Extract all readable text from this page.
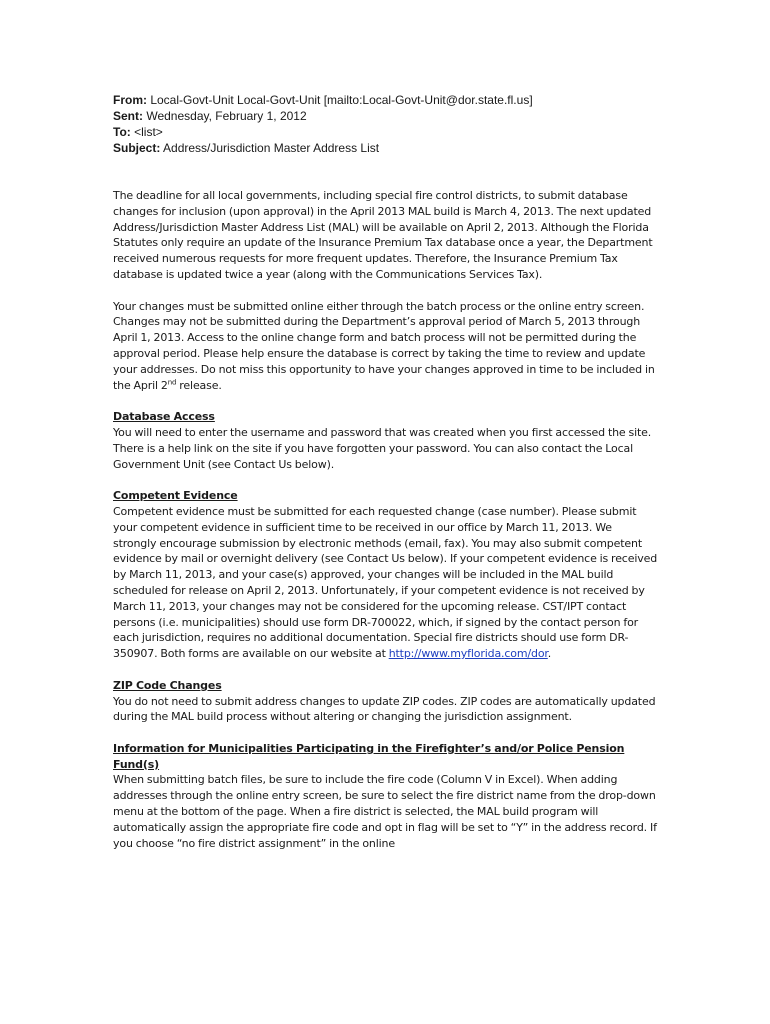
From: Local-Govt-Unit Local-Govt-Unit [mailto:Local-Govt-Unit@dor.state.fl.us]
Sent: Wednesday, February 1, 2012
To: <list>
Subject: Address/Jurisdiction Master Address List

The deadline for all local governments, including special fire control districts, to submit database changes for inclusion (upon approval) in the April 2013 MAL build is March 4, 2013. The next updated Address/Jurisdiction Master Address List (MAL) will be available on April 2, 2013. Although the Florida Statutes only require an update of the Insurance Premium Tax database once a year, the Department received numerous requests for more frequent updates. Therefore, the Insurance Premium Tax database is updated twice a year (along with the Communications Services Tax).

Your changes must be submitted online either through the batch process or the online entry screen. Changes may not be submitted during the Department’s approval period of March 5, 2013 through April 1, 2013. Access to the online change form and batch process will not be permitted during the approval period. Please help ensure the database is correct by taking the time to review and update your addresses. Do not miss this opportunity to have your changes approved in time to be included in the April 2nd release.

Database Access
You will need to enter the username and password that was created when you first accessed the site. There is a help link on the site if you have forgotten your password. You can also contact the Local Government Unit (see Contact Us below).

Competent Evidence
Competent evidence must be submitted for each requested change (case number). Please submit your competent evidence in sufficient time to be received in our office by March 11, 2013. We strongly encourage submission by electronic methods (email, fax). You may also submit competent evidence by mail or overnight delivery (see Contact Us below). If your competent evidence is received by March 11, 2013, and your case(s) approved, your changes will be included in the MAL build scheduled for release on April 2, 2013. Unfortunately, if your competent evidence is not received by March 11, 2013, your changes may not be considered for the upcoming release. CST/IPT contact persons (i.e. municipalities) should use form DR-700022, which, if signed by the contact person for each jurisdiction, requires no additional documentation. Special fire districts should use form DR-350907. Both forms are available on our website at http://www.myflorida.com/dor.

ZIP Code Changes
You do not need to submit address changes to update ZIP codes. ZIP codes are automatically updated during the MAL build process without altering or changing the jurisdiction assignment.

Information for Municipalities Participating in the Firefighter’s and/or Police Pension Fund(s)
When submitting batch files, be sure to include the fire code (Column V in Excel). When adding addresses through the online entry screen, be sure to select the fire district name from the drop-down menu at the bottom of the page. When a fire district is selected, the MAL build program will automatically assign the appropriate fire code and opt in flag will be set to “Y” in the address record. If you choose “no fire district assignment” in the online
